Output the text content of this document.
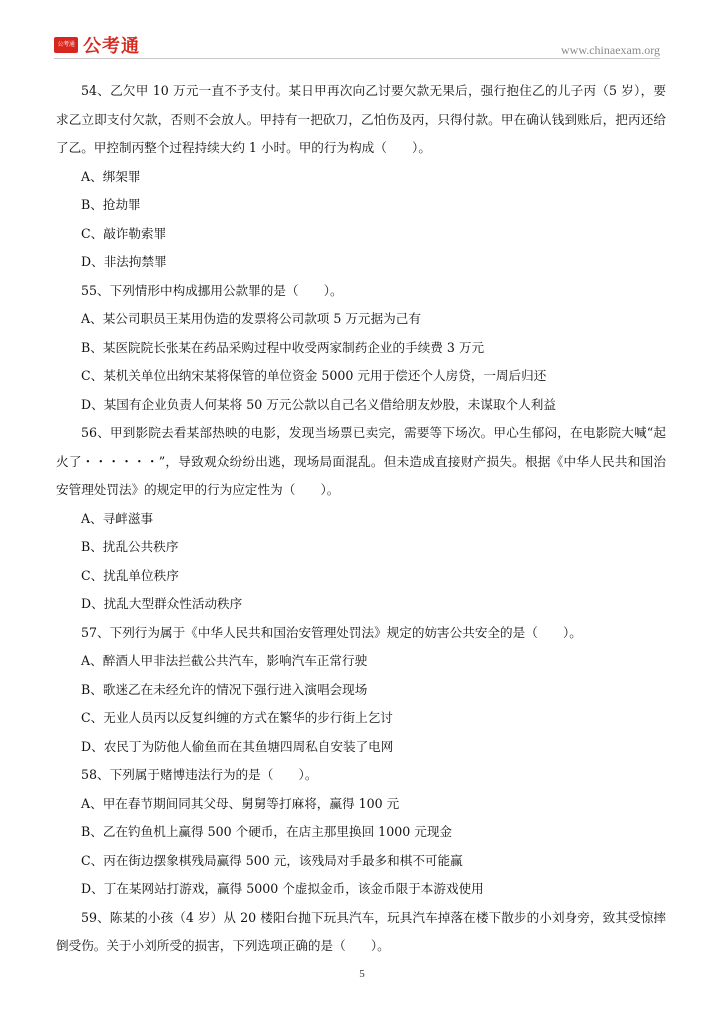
公考通 公考通	www.chinaexam.org

54、乙欠甲 10 万元一直不予支付。某日甲再次向乙讨要欠款无果后，强行抱住乙的儿子丙（5 岁），要求乙立即支付欠款，否则不会放人。甲持有一把砍刀，乙怕伤及丙，只得付款。甲在确认钱到账后，把丙还给了乙。甲控制丙整个过程持续大约 1 小时。甲的行为构成（　　）。

A、绑架罪

B、抢劫罪

C、敲诈勒索罪

D、非法拘禁罪

55、下列情形中构成挪用公款罪的是（　　）。

A、某公司职员王某用伪造的发票将公司款项 5 万元据为己有

B、某医院院长张某在药品采购过程中收受两家制药企业的手续费 3 万元

C、某机关单位出纳宋某将保管的单位资金 5000 元用于偿还个人房贷，一周后归还

D、某国有企业负责人何某将 50 万元公款以自己名义借给朋友炒股，未谋取个人利益

56、甲到影院去看某部热映的电影，发现当场票已卖完，需要等下场次。甲心生郁闷，在电影院大喊“起火了・・・・・・”，导致观众纷纷出逃，现场局面混乱。但未造成直接财产损失。根据《中华人民共和国治安管理处罚法》的规定甲的行为应定性为（　　）。

A、寻衅滋事

B、扰乱公共秩序

C、扰乱单位秩序

D、扰乱大型群众性活动秩序

57、下列行为属于《中华人民共和国治安管理处罚法》规定的妨害公共安全的是（　　）。

A、醉酒人甲非法拦截公共汽车，影响汽车正常行驶

B、歌迷乙在未经允许的情况下强行进入演唱会现场

C、无业人员丙以反复纠缠的方式在繁华的步行街上乞讨

D、农民丁为防他人偷鱼而在其鱼塘四周私自安装了电网

58、下列属于赌博违法行为的是（　　）。

A、甲在春节期间同其父母、舅舅等打麻将，赢得 100 元

B、乙在钓鱼机上赢得 500 个硬币，在店主那里换回 1000 元现金

C、丙在街边摆象棋残局赢得 500 元，该残局对手最多和棋不可能赢

D、丁在某网站打游戏，赢得 5000 个虚拟金币，该金币限于本游戏使用

59、陈某的小孩（4 岁）从 20 楼阳台抛下玩具汽车，玩具汽车掉落在楼下散步的小刘身旁，致其受惊摔倒受伤。关于小刘所受的损害，下列选项正确的是（　　）。

5
